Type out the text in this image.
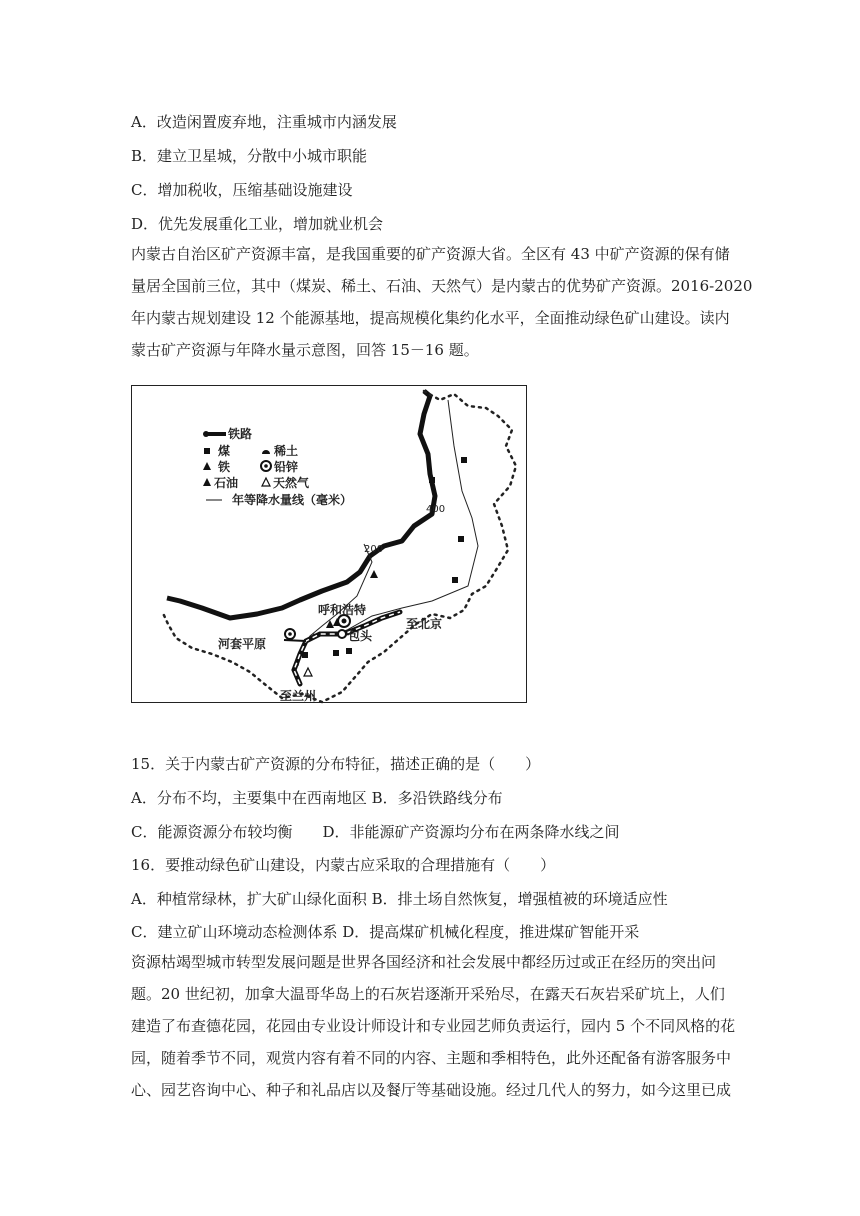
A．改造闲置废弃地，注重城市内涵发展
B．建立卫星城，分散中小城市职能
C．增加税收，压缩基础设施建设
D．优先发展重化工业，增加就业机会
内蒙古自治区矿产资源丰富，是我国重要的矿产资源大省。全区有 43 中矿产资源的保有储
量居全国前三位，其中（煤炭、稀土、石油、天然气）是内蒙古的优势矿产资源。2016-2020
年内蒙古规划建设 12 个能源基地，提高规模化集约化水平，全面推动绿色矿山建设。读内
蒙古矿产资源与年降水量示意图，回答 15－16 题。
400
200
铁路
煤	稀土
铁	铅锌
石油	天然气
年等降水量线（毫米）
呼和浩特
包头
河套平原
至北京
至兰州
15．关于内蒙古矿产资源的分布特征，描述正确的是（　　）
A．分布不均，主要集中在西南地区 B．多沿铁路线分布
C．能源资源分布较均衡　　D．非能源矿产资源均分布在两条降水线之间
16．要推动绿色矿山建设，内蒙古应采取的合理措施有（　　）
A．种植常绿林，扩大矿山绿化面积 B．排土场自然恢复，增强植被的环境适应性
C．建立矿山环境动态检测体系 D．提高煤矿机械化程度，推进煤矿智能开采
资源枯竭型城市转型发展问题是世界各国经济和社会发展中都经历过或正在经历的突出问
题。20 世纪初，加拿大温哥华岛上的石灰岩逐渐开采殆尽，在露天石灰岩采矿坑上，人们
建造了布查德花园，花园由专业设计师设计和专业园艺师负责运行，园内 5 个不同风格的花
园，随着季节不同，观赏内容有着不同的内容、主题和季相特色，此外还配备有游客服务中
心、园艺咨询中心、种子和礼品店以及餐厅等基础设施。经过几代人的努力，如今这里已成
